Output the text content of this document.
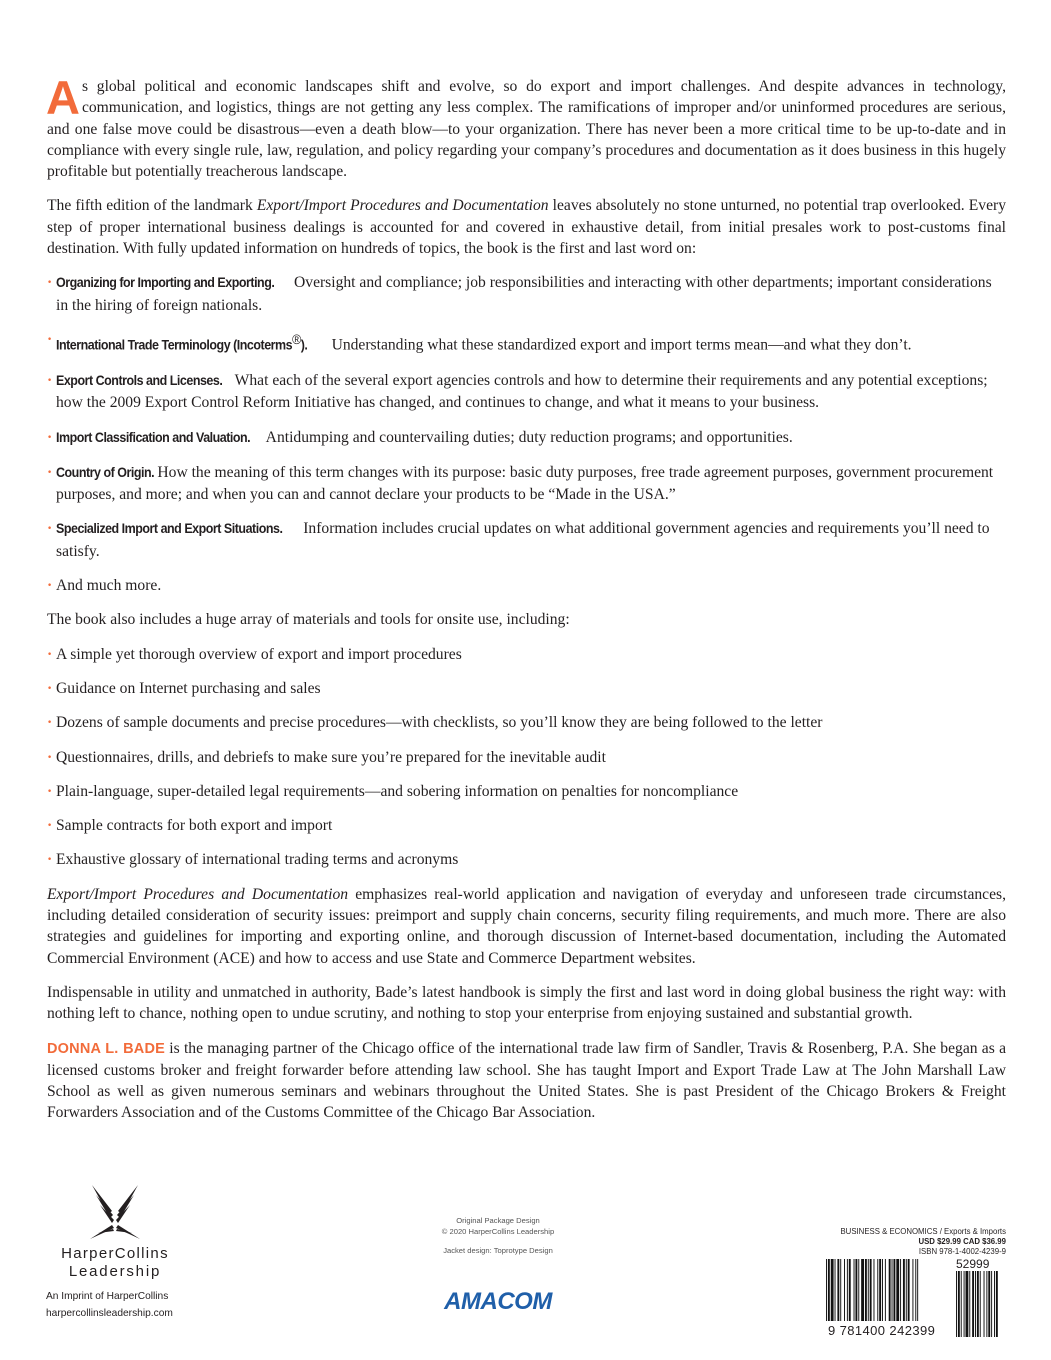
As global political and economic landscapes shift and evolve, so do export and import challenges. And despite advances in technology, communication, and logistics, things are not getting any less complex. The ramifications of improper and/or uninformed procedures are serious, and one false move could be disastrous—even a death blow—to your organization. There has never been a more critical time to be up-to-date and in compliance with every single rule, law, regulation, and policy regarding your company’s procedures and documentation as it does business in this hugely profitable but potentially treacherous landscape.

The fifth edition of the landmark Export/Import Procedures and Documentation leaves absolutely no stone unturned, no potential trap overlooked. Every step of proper international business dealings is accounted for and covered in exhaustive detail, from initial presales work to post-customs final destination. With fully updated information on hundreds of topics, the book is the first and last word on:

· Organizing for Importing and Exporting. Oversight and compliance; job responsibilities and interacting with other departments; important considerations in the hiring of foreign nationals.
· International Trade Terminology (Incoterms®). Understanding what these standardized export and import terms mean—and what they don’t.
· Export Controls and Licenses. What each of the several export agencies controls and how to determine their requirements and any potential exceptions; how the 2009 Export Control Reform Initiative has changed, and continues to change, and what it means to your business.
· Import Classification and Valuation. Antidumping and countervailing duties; duty reduction programs; and opportunities.
· Country of Origin. How the meaning of this term changes with its purpose: basic duty purposes, free trade agreement purposes, government procurement purposes, and more; and when you can and cannot declare your products to be “Made in the USA.”
· Specialized Import and Export Situations. Information includes crucial updates on what additional government agencies and requirements you’ll need to satisfy.
· And much more.

The book also includes a huge array of materials and tools for onsite use, including:

· A simple yet thorough overview of export and import procedures
· Guidance on Internet purchasing and sales
· Dozens of sample documents and precise procedures—with checklists, so you’ll know they are being followed to the letter
· Questionnaires, drills, and debriefs to make sure you’re prepared for the inevitable audit
· Plain-language, super-detailed legal requirements—and sobering information on penalties for noncompliance
· Sample contracts for both export and import
· Exhaustive glossary of international trading terms and acronyms

Export/Import Procedures and Documentation emphasizes real-world application and navigation of everyday and unforeseen trade circumstances, including detailed consideration of security issues: preimport and supply chain concerns, security filing requirements, and much more. There are also strategies and guidelines for importing and exporting online, and thorough discussion of Internet-based documentation, including the Automated Commercial Environment (ACE) and how to access and use State and Commerce Department websites.

Indispensable in utility and unmatched in authority, Bade’s latest handbook is simply the first and last word in doing global business the right way: with nothing left to chance, nothing open to undue scrutiny, and nothing to stop your enterprise from enjoying sustained and substantial growth.

DONNA L. BADE is the managing partner of the Chicago office of the international trade law firm of Sandler, Travis & Rosenberg, P.A. She began as a licensed customs broker and freight forwarder before attending law school. She has taught Import and Export Trade Law at The John Marshall Law School as well as given numerous seminars and webinars throughout the United States. She is past President of the Chicago Brokers & Freight Forwarders Association and of the Customs Committee of the Chicago Bar Association.

HarperCollins
Leadership
An Imprint of HarperCollins
harpercollinsleadership.com
Original Package Design
© 2020 HarperCollins Leadership
Jacket design: Toprotype Design
AMACOM
BUSINESS & ECONOMICS / Exports & Imports
USD $29.99 CAD $36.99
ISBN 978-1-4002-4239-9
52999
9 781400 242399
